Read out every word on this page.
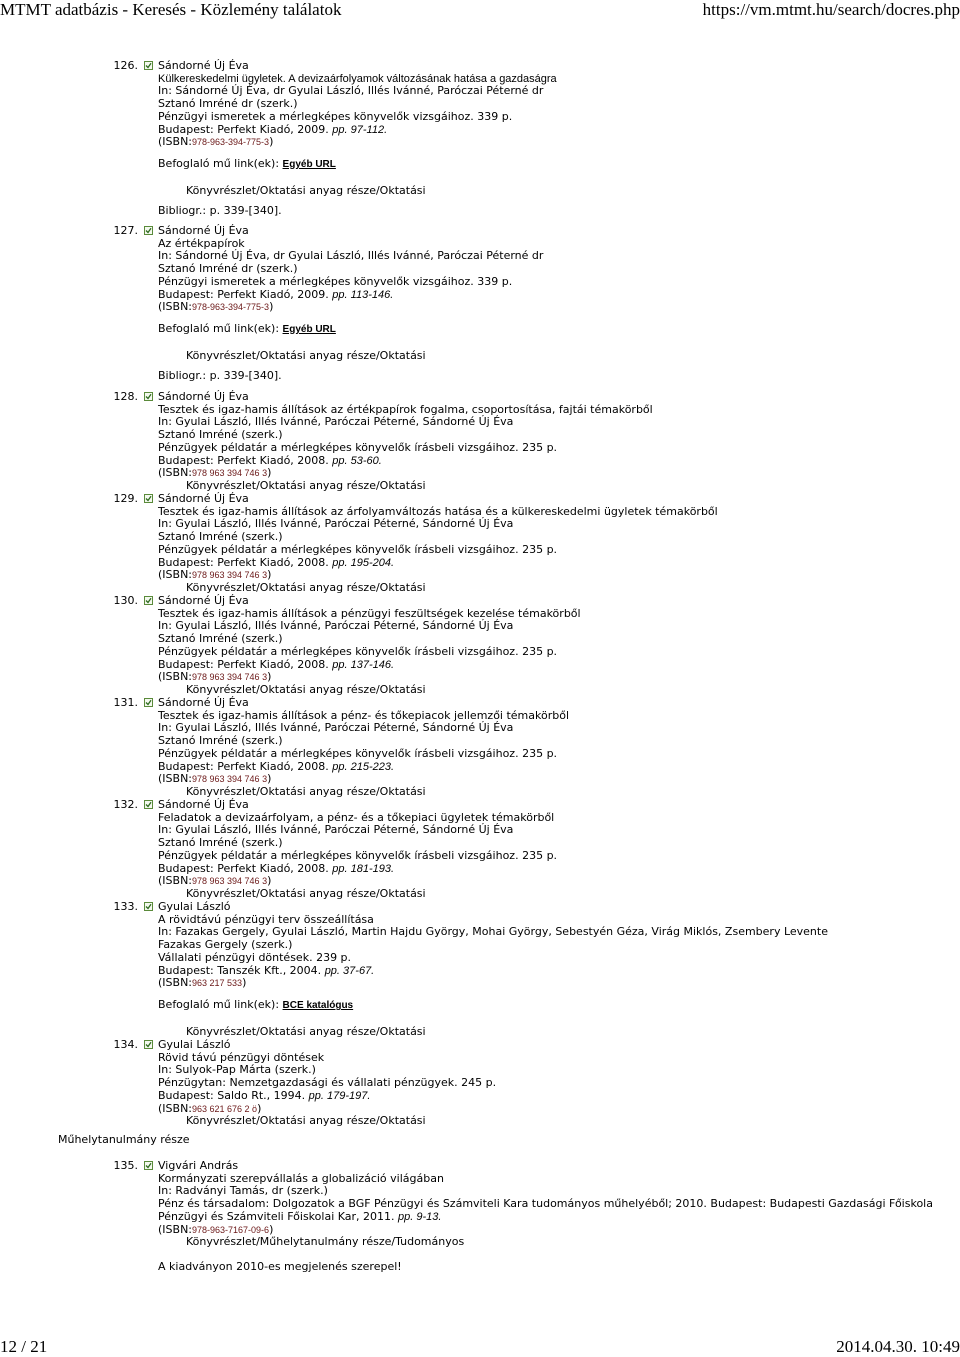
MTMT adatbázis - Keresés - Közlemény találatok	https://vm.mtmt.hu/search/docres.php
126. Sándorné Új Éva
Külkereskedelmi ügyletek. A devizaárfolyamok változásának hatása a gazdaságra
In: Sándorné Új Éva, dr Gyulai László, Illés Ivánné, Paróczai Péterné dr
Sztanó Imréné dr (szerk.)
Pénzügyi ismeretek a mérlegképes könyvelők vizsgáihoz. 339 p.
Budapest: Perfekt Kiadó, 2009. pp. 97-112.
(ISBN:978-963-394-775-3)
Befoglaló mű link(ek): Egyéb URL
Könyvrészlet/Oktatási anyag része/Oktatási
Bibliogr.: p. 339-[340].
127. Sándorné Új Éva
Az értékpapírok
In: Sándorné Új Éva, dr Gyulai László, Illés Ivánné, Paróczai Péterné dr
Sztanó Imréné dr (szerk.)
Pénzügyi ismeretek a mérlegképes könyvelők vizsgáihoz. 339 p.
Budapest: Perfekt Kiadó, 2009. pp. 113-146.
(ISBN:978-963-394-775-3)
Befoglaló mű link(ek): Egyéb URL
Könyvrészlet/Oktatási anyag része/Oktatási
Bibliogr.: p. 339-[340].
128. Sándorné Új Éva
Tesztek és igaz-hamis állítások az értékpapírok fogalma, csoportosítása, fajtái témakörből
In: Gyulai László, Illés Ivánné, Paróczai Péterné, Sándorné Új Éva
Sztanó Imréné (szerk.)
Pénzügyek példatár a mérlegképes könyvelők írásbeli vizsgáihoz. 235 p.
Budapest: Perfekt Kiadó, 2008. pp. 53-60.
(ISBN:978 963 394 746 3)
Könyvrészlet/Oktatási anyag része/Oktatási
129. Sándorné Új Éva
Tesztek és igaz-hamis állítások az árfolyamváltozás hatása és a külkereskedelmi ügyletek témakörből
In: Gyulai László, Illés Ivánné, Paróczai Péterné, Sándorné Új Éva
Sztanó Imréné (szerk.)
Pénzügyek példatár a mérlegképes könyvelők írásbeli vizsgáihoz. 235 p.
Budapest: Perfekt Kiadó, 2008. pp. 195-204.
(ISBN:978 963 394 746 3)
Könyvrészlet/Oktatási anyag része/Oktatási
130. Sándorné Új Éva
Tesztek és igaz-hamis állítások a pénzügyi feszültségek kezelése témakörből
In: Gyulai László, Illés Ivánné, Paróczai Péterné, Sándorné Új Éva
Sztanó Imréné (szerk.)
Pénzügyek példatár a mérlegképes könyvelők írásbeli vizsgáihoz. 235 p.
Budapest: Perfekt Kiadó, 2008. pp. 137-146.
(ISBN:978 963 394 746 3)
Könyvrészlet/Oktatási anyag része/Oktatási
131. Sándorné Új Éva
Tesztek és igaz-hamis állítások a pénz- és tőkepiacok jellemzői témakörből
In: Gyulai László, Illés Ivánné, Paróczai Péterné, Sándorné Új Éva
Sztanó Imréné (szerk.)
Pénzügyek példatár a mérlegképes könyvelők írásbeli vizsgáihoz. 235 p.
Budapest: Perfekt Kiadó, 2008. pp. 215-223.
(ISBN:978 963 394 746 3)
Könyvrészlet/Oktatási anyag része/Oktatási
132. Sándorné Új Éva
Feladatok a devizaárfolyam, a pénz- és a tőkepiaci ügyletek témakörből
In: Gyulai László, Illés Ivánné, Paróczai Péterné, Sándorné Új Éva
Sztanó Imréné (szerk.)
Pénzügyek példatár a mérlegképes könyvelők írásbeli vizsgáihoz. 235 p.
Budapest: Perfekt Kiadó, 2008. pp. 181-193.
(ISBN:978 963 394 746 3)
Könyvrészlet/Oktatási anyag része/Oktatási
133. Gyulai László
A rövidtávú pénzügyi terv összeállítása
In: Fazakas Gergely, Gyulai László, Martin Hajdu György, Mohai György, Sebestyén Géza, Virág Miklós, Zsembery Levente
Fazakas Gergely (szerk.)
Vállalati pénzügyi döntések. 239 p.
Budapest: Tanszék Kft., 2004. pp. 37-67.
(ISBN:963 217 533)
Befoglaló mű link(ek): BCE katalógus
Könyvrészlet/Oktatási anyag része/Oktatási
134. Gyulai László
Rövid távú pénzügyi döntések
In: Sulyok-Pap Márta (szerk.)
Pénzügytan: Nemzetgazdasági és vállalati pénzügyek. 245 p.
Budapest: Saldo Rt., 1994. pp. 179-197.
(ISBN:963 621 676 2 ö)
Könyvrészlet/Oktatási anyag része/Oktatási
Műhelytanulmány része
135. Vigvári András
Kormányzati szerepvállalás a globalizáció világában
In: Radványi Tamás, dr (szerk.)
Pénz és társadalom: Dolgozatok a BGF Pénzügyi és Számviteli Kara tudományos műhelyéből; 2010. Budapest: Budapesti Gazdasági Főiskola Pénzügyi és Számviteli Főiskolai Kar, 2011. pp. 9-13.
(ISBN:978-963-7167-09-6)
Könyvrészlet/Műhelytanulmány része/Tudományos
A kiadványon 2010-es megjelenés szerepel!
12 / 21	2014.04.30. 10:49
